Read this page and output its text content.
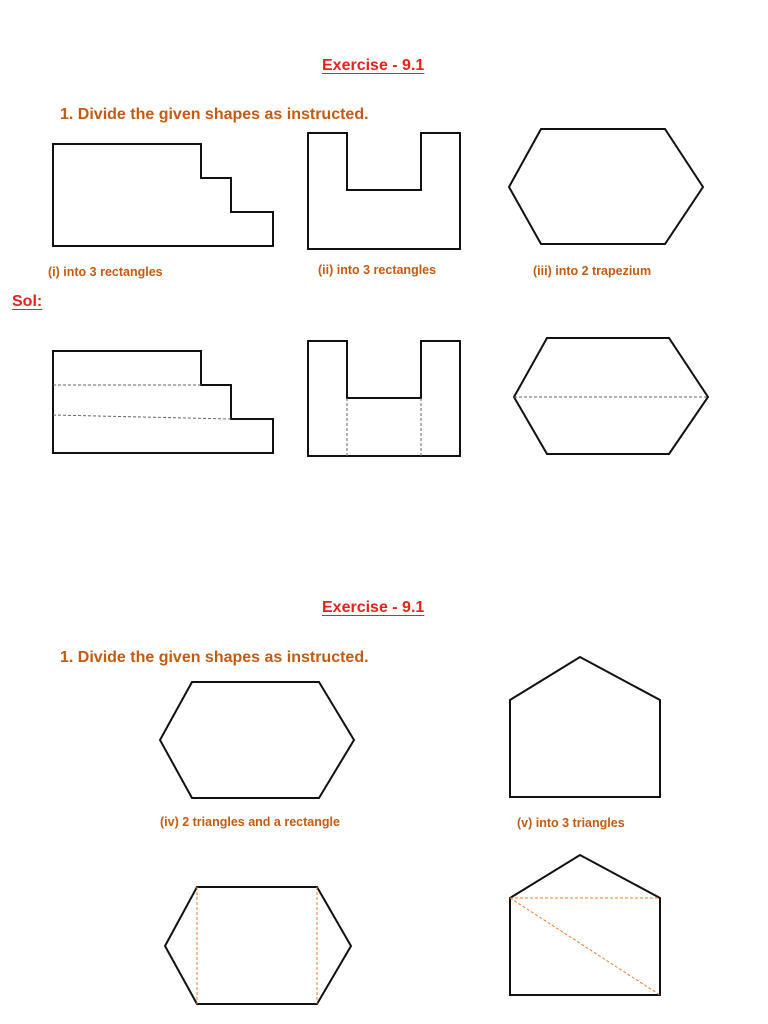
Exercise - 9.1
1. Divide the given shapes as instructed.
(i) into 3 rectangles	(ii) into 3 rectangles	(iii) into 2 trapezium
Sol:
Exercise - 9.1
1. Divide the given shapes as instructed.
(iv) 2 triangles and a rectangle	(v) into 3 triangles
